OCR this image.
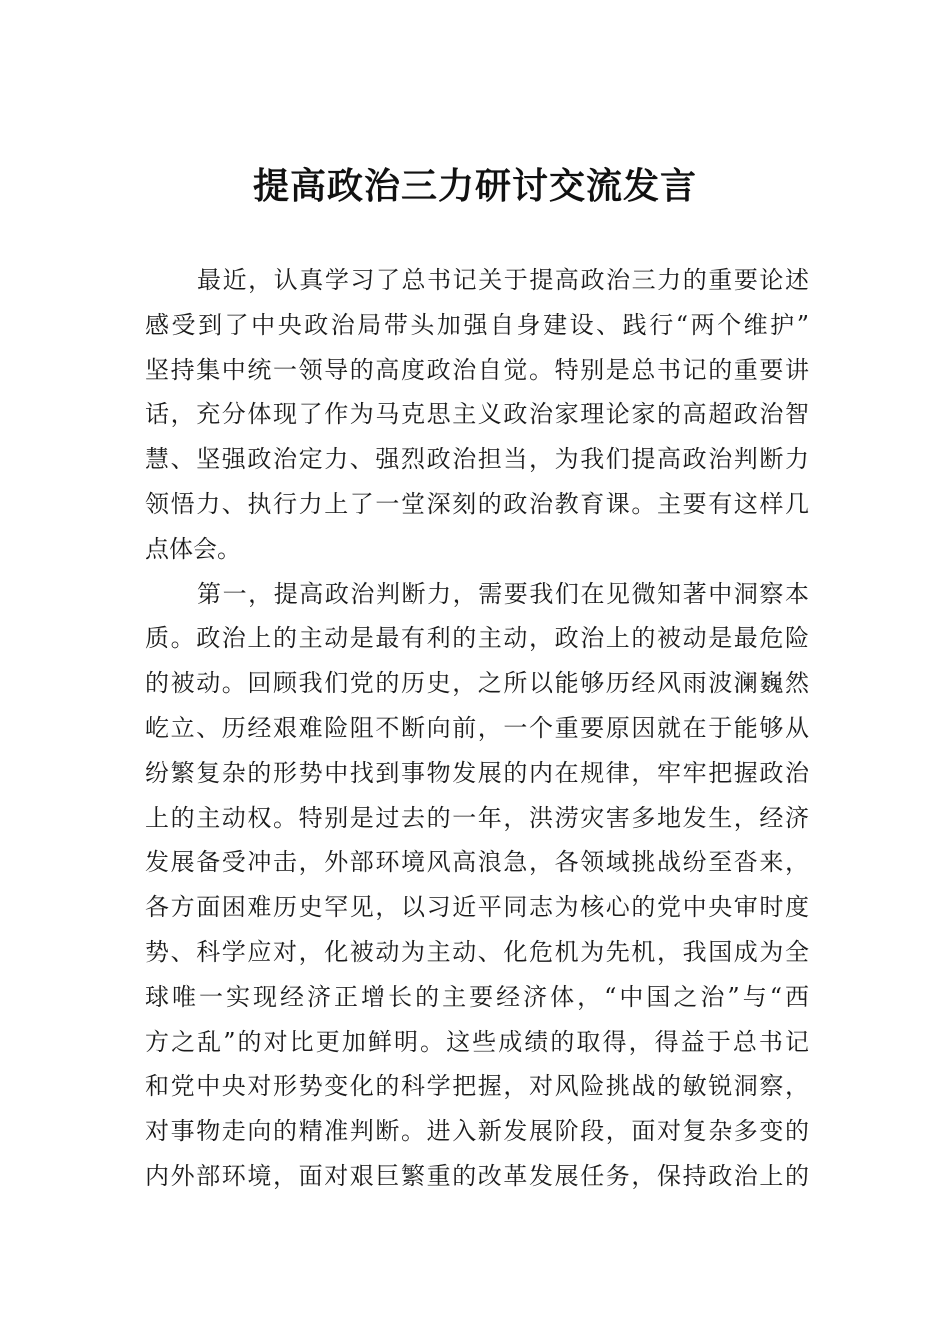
提高政治三力研讨交流发言
最近，认真学习了总书记关于提高政治三力的重要论述
感受到了中央政治局带头加强自身建设、践行“两个维护”
坚持集中统一领导的高度政治自觉。特别是总书记的重要讲
话，充分体现了作为马克思主义政治家理论家的高超政治智
慧、坚强政治定力、强烈政治担当，为我们提高政治判断力
领悟力、执行力上了一堂深刻的政治教育课。主要有这样几
点体会。
第一，提高政治判断力，需要我们在见微知著中洞察本
质。政治上的主动是最有利的主动，政治上的被动是最危险
的被动。回顾我们党的历史，之所以能够历经风雨波澜巍然
屹立、历经艰难险阻不断向前，一个重要原因就在于能够从
纷繁复杂的形势中找到事物发展的内在规律，牢牢把握政治
上的主动权。特别是过去的一年，洪涝灾害多地发生，经济
发展备受冲击，外部环境风高浪急，各领域挑战纷至沓来，
各方面困难历史罕见，以习近平同志为核心的党中央审时度
势、科学应对，化被动为主动、化危机为先机，我国成为全
球唯一实现经济正增长的主要经济体，“中国之治”与“西
方之乱”的对比更加鲜明。这些成绩的取得，得益于总书记
和党中央对形势变化的科学把握，对风险挑战的敏锐洞察，
对事物走向的精准判断。进入新发展阶段，面对复杂多变的
内外部环境，面对艰巨繁重的改革发展任务，保持政治上的
